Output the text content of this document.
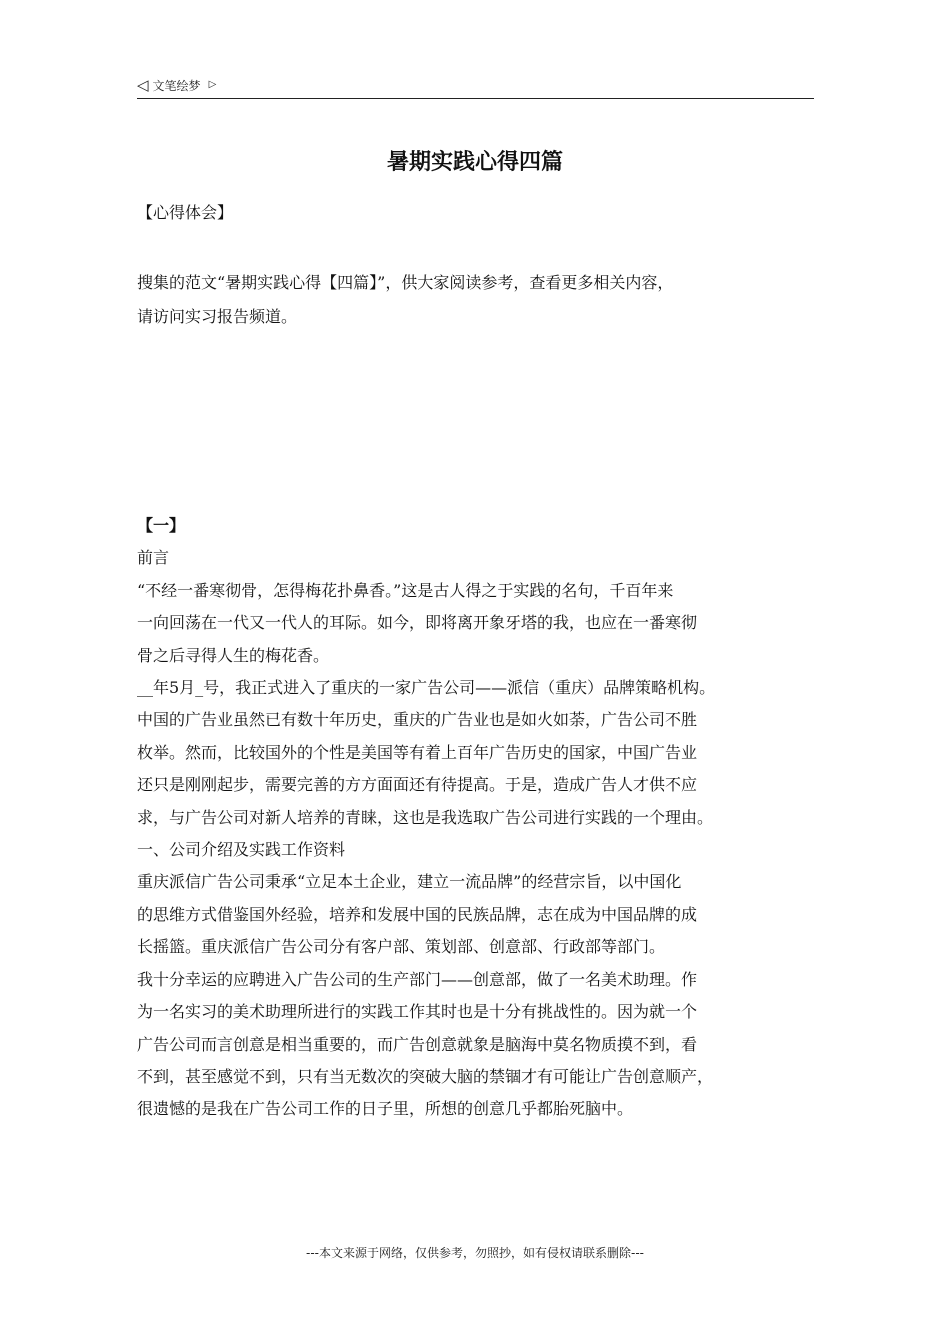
◁ 文笔绘梦 ▷
暑期实践心得四篇
【心得体会】

搜集的范文“暑期实践心得【四篇】”，供大家阅读参考，查看更多相关内容，

请访问实习报告频道。

【一】

前言

“不经一番寒彻骨，怎得梅花扑鼻香。”这是古人得之于实践的名句，千百年来

一向回荡在一代又一代人的耳际。如今，即将离开象牙塔的我，也应在一番寒彻

骨之后寻得人生的梅花香。

__年5月_号，我正式进入了重庆的一家广告公司——派信（重庆）品牌策略机构。

中国的广告业虽然已有数十年历史，重庆的广告业也是如火如荼，广告公司不胜

枚举。然而，比较国外的个性是美国等有着上百年广告历史的国家，中国广告业

还只是刚刚起步，需要完善的方方面面还有待提高。于是，造成广告人才供不应

求，与广告公司对新人培养的青睐，这也是我选取广告公司进行实践的一个理由。

一、公司介绍及实践工作资料

重庆派信广告公司秉承“立足本土企业，建立一流品牌”的经营宗旨，以中国化

的思维方式借鉴国外经验，培养和发展中国的民族品牌，志在成为中国品牌的成

长摇篮。重庆派信广告公司分有客户部、策划部、创意部、行政部等部门。

我十分幸运的应聘进入广告公司的生产部门——创意部，做了一名美术助理。作

为一名实习的美术助理所进行的实践工作其时也是十分有挑战性的。因为就一个

广告公司而言创意是相当重要的，而广告创意就象是脑海中莫名物质摸不到，看

不到，甚至感觉不到，只有当无数次的突破大脑的禁锢才有可能让广告创意顺产，

很遗憾的是我在广告公司工作的日子里，所想的创意几乎都胎死脑中。

---本文来源于网络，仅供参考，勿照抄，如有侵权请联系删除---
